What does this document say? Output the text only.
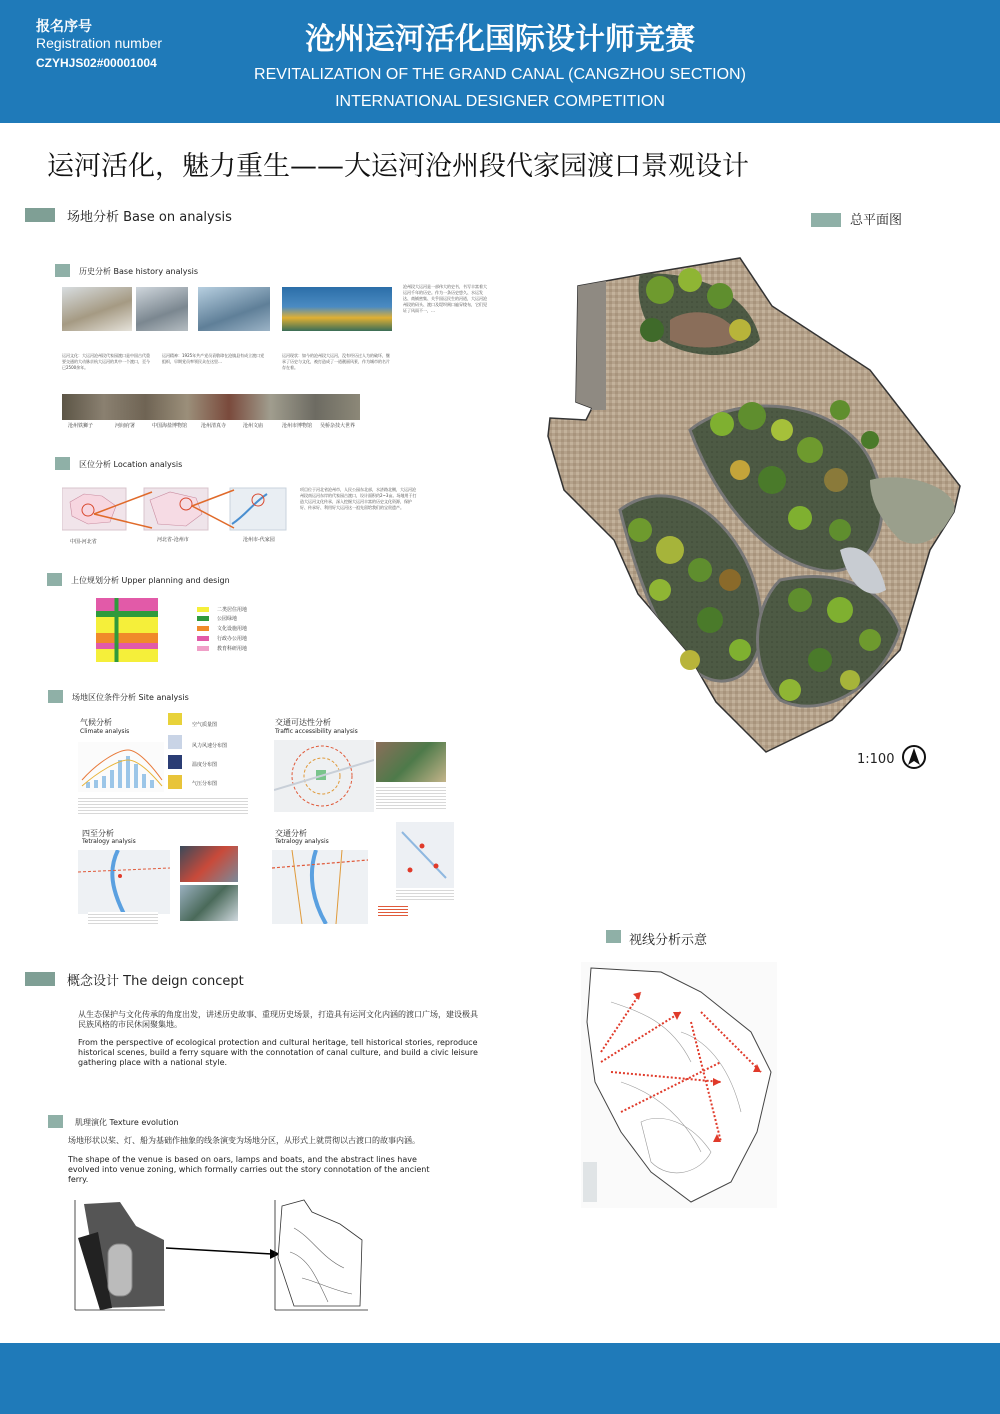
报名序号
Registration number
CZYHJS02#00001004
沧州运河活化国际设计师竞赛
REVITALIZATION OF THE GRAND CANAL (CANGZHOU SECTION)
INTERNATIONAL DESIGNER COMPETITION
运河活化，魅力重生——大运河沧州段代家园渡口景观设计
场地分析 Base on analysis
历史分析 Base history analysis
沧州段大运河是一部伟大的史书，书写丰富着大运河千年的历史。作为一条历史悠久、水运发达、商铺密集、关乎国运民生的河道，大运河沧州段的码头、渡口及堤坝闸口遍穿梭布，它们见证了风雨不一，…
运河文化：大运河沧州段代家园渡口是中国古代重要交通的大动脉京杭大运河的其中一个渡口，至今已2500余年。
运河精神：1925年共产党员袁敬璋在沧镇县有成立渡口党组织，早期党员率领民众在这里…
运河现状：如今的沧州段大运河，没有经历过人为的破坏，继承了历史与文化，被打造成了一道靓丽风景，作为城市的名片存在着。
沧州铁狮子	河间府署	中国海盐博物馆	沧州清真寺	沧州文庙	沧州市博物馆 吴桥杂技大世界
区位分析 Location analysis
中国-河北省	河北省-沧州市	沧州市-代家园
项目位于河北省沧州市，人民公园东北部，水济路北侧，大运河沧州段南运河东岸的代家园古渡口，设计面积约2~3亩。场地用于打造大运河文化传承，深入挖掘大运河丰富的历史文化资源，保护好、传承好、利用好大运河这一祖先留给我们的宝贵遗产。
上位规划分析 Upper planning and design
二类居住用地
公园绿地
文化设施用地
行政办公用地
教育科研用地
场地区位条件分析 Site analysis
气候分析
Climate analysis
空气质量图
风力风速分布图
温度分布图
气压分布图
交通可达性分析
Traffic accessibility analysis
四至分析
Tetralogy analysis
交通分析
Tetralogy analysis
概念设计 The deign concept
从生态保护与文化传承的角度出发，讲述历史故事、重现历史场景，打造具有运河文化内涵的渡口广场，建设极具民族风格的市民休闲聚集地。
From the perspective of ecological protection and cultural heritage, tell historical stories, reproduce historical scenes, build a ferry square with the connotation of canal culture, and build a civic leisure gathering place with a national style.
肌理演化 Texture evolution
场地形状以桨、灯、船为基础作抽象的线条演变为场地分区，从形式上就贯彻以古渡口的故事内涵。
The shape of the venue is based on oars, lamps and boats, and the abstract lines have evolved into venue zoning, which formally carries out the story connotation of the ancient ferry.
总平面图
1:100
视线分析示意
